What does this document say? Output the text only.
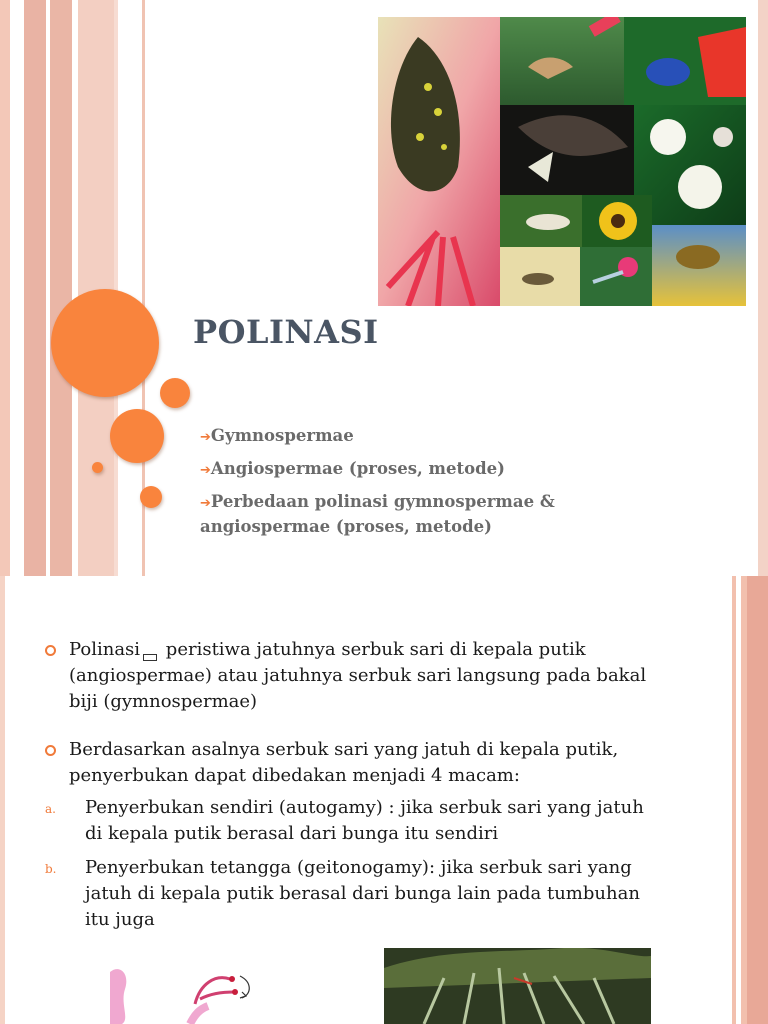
POLINASI
➔Gymnospermae
➔Angiospermae (proses, metode)
➔Perbedaan polinasi gymnospermae & angiospermae (proses, metode)

Polinasi peristiwa jatuhnya serbuk sari di kepala putik (angiospermae) atau jatuhnya serbuk sari langsung pada bakal biji (gymnospermae)

Berdasarkan asalnya serbuk sari yang jatuh di kepala putik, penyerbukan dapat dibedakan menjadi 4 macam:

a. Penyerbukan sendiri (autogamy) : jika serbuk sari yang jatuh di kepala putik berasal dari bunga itu sendiri

b. Penyerbukan tetangga (geitonogamy): jika serbuk sari yang jatuh di kepala putik berasal dari bunga lain pada tumbuhan itu juga
